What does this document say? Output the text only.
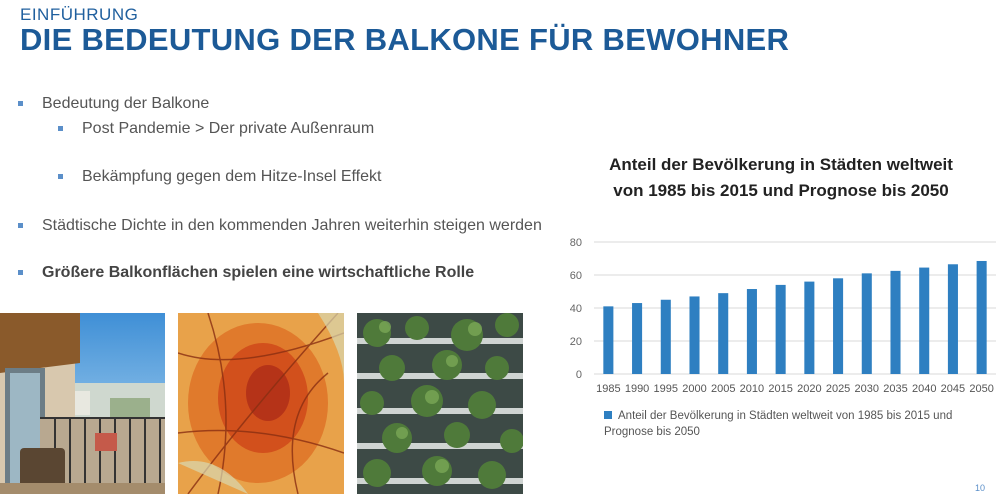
EINFÜHRUNG
DIE BEDEUTUNG DER BALKONE FÜR BEWOHNER
Bedeutung der Balkone
Post Pandemie > Der private Außenraum
Bekämpfung gegen dem Hitze-Insel Effekt
Städtische Dichte in den kommenden Jahren weiterhin steigen werden
Größere Balkonflächen spielen eine wirtschaftliche Rolle
Anteil der Bevölkerung in Städten weltweit von 1985 bis 2015 und Prognose bis 2050
0
20
40
60
80
1985 1990 1995 2000 2005 2010 2015 2020 2025 2030 2035 2040 2045 2050
Anteil der Bevölkerung in Städten weltweit von 1985 bis 2015 und Prognose bis 2050
10
